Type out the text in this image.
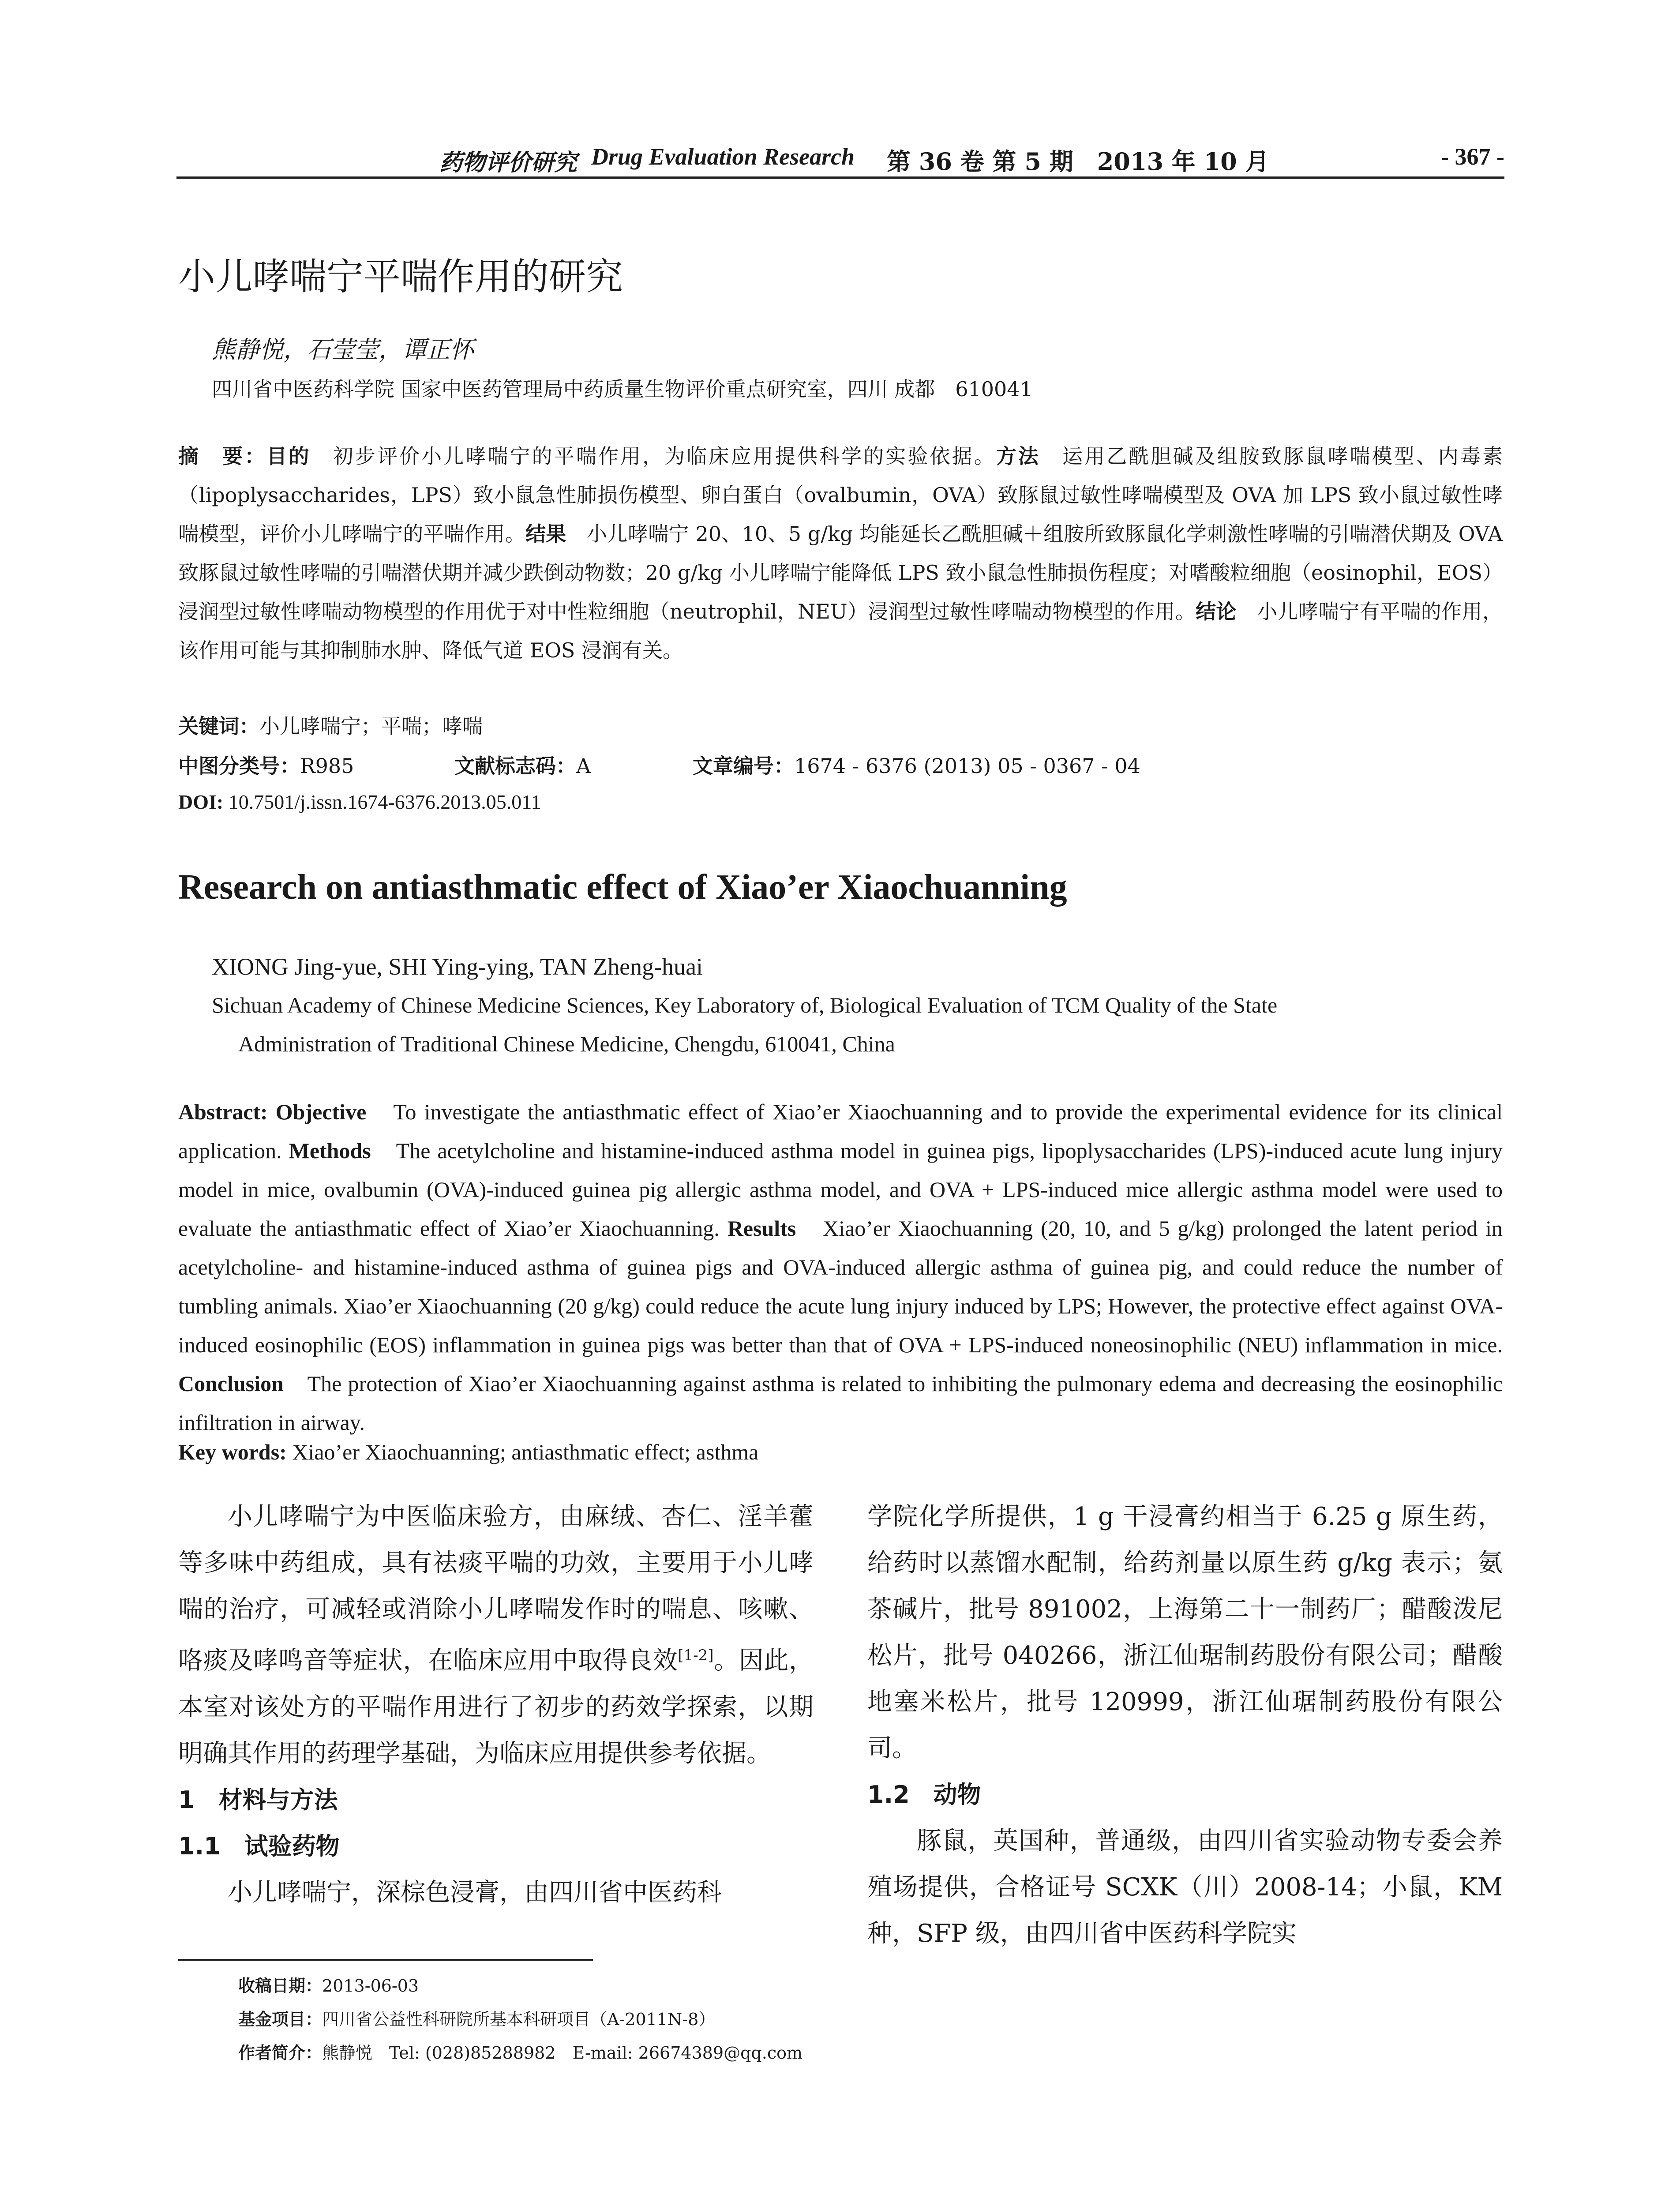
药物评价研究 Drug Evaluation Research 第 36 卷 第 5 期　2013 年 10 月	- 367 -
小儿哮喘宁平喘作用的研究
熊静悦，石莹莹，谭正怀
四川省中医药科学院 国家中医药管理局中药质量生物评价重点研究室，四川 成都　610041
摘　要：目的　初步评价小儿哮喘宁的平喘作用，为临床应用提供科学的实验依据。方法　运用乙酰胆碱及组胺致豚鼠哮喘模型、内毒素（lipoplysaccharides，LPS）致小鼠急性肺损伤模型、卵白蛋白（ovalbumin，OVA）致豚鼠过敏性哮喘模型及 OVA 加 LPS 致小鼠过敏性哮喘模型，评价小儿哮喘宁的平喘作用。结果　小儿哮喘宁 20、10、5 g/kg 均能延长乙酰胆碱＋组胺所致豚鼠化学刺激性哮喘的引喘潜伏期及 OVA 致豚鼠过敏性哮喘的引喘潜伏期并减少跌倒动物数；20 g/kg 小儿哮喘宁能降低 LPS 致小鼠急性肺损伤程度；对嗜酸粒细胞（eosinophil，EOS）浸润型过敏性哮喘动物模型的作用优于对中性粒细胞（neutrophil，NEU）浸润型过敏性哮喘动物模型的作用。结论　小儿哮喘宁有平喘的作用，该作用可能与其抑制肺水肿、降低气道 EOS 浸润有关。
关键词：小儿哮喘宁；平喘；哮喘
中图分类号：R985	文献标志码：A	文章编号：1674 - 6376 (2013) 05 - 0367 - 04
DOI: 10.7501/j.issn.1674-6376.2013.05.011
Research on antiasthmatic effect of Xiao’er Xiaochuanning
XIONG Jing-yue, SHI Ying-ying, TAN Zheng-huai
Sichuan Academy of Chinese Medicine Sciences, Key Laboratory of, Biological Evaluation of TCM Quality of the State
Administration of Traditional Chinese Medicine, Chengdu, 610041, China
Abstract: Objective　To investigate the antiasthmatic effect of Xiao’er Xiaochuanning and to provide the experimental evidence for its clinical application. Methods　The acetylcholine and histamine-induced asthma model in guinea pigs, lipoplysaccharides (LPS)-induced acute lung injury model in mice, ovalbumin (OVA)-induced guinea pig allergic asthma model, and OVA + LPS-induced mice allergic asthma model were used to evaluate the antiasthmatic effect of Xiao’er Xiaochuanning. Results　Xiao’er Xiaochuanning (20, 10, and 5 g/kg) prolonged the latent period in acetylcholine- and histamine-induced asthma of guinea pigs and OVA-induced allergic asthma of guinea pig, and could reduce the number of tumbling animals. Xiao’er Xiaochuanning (20 g/kg) could reduce the acute lung injury induced by LPS; However, the protective effect against OVA-induced eosinophilic (EOS) inflammation in guinea pigs was better than that of OVA + LPS-induced noneosinophilic (NEU) inflammation in mice. Conclusion　The protection of Xiao’er Xiaochuanning against asthma is related to inhibiting the pulmonary edema and decreasing the eosinophilic infiltration in airway.
Key words: Xiao’er Xiaochuanning; antiasthmatic effect; asthma
小儿哮喘宁为中医临床验方，由麻绒、杏仁、淫羊藿等多味中药组成，具有祛痰平喘的功效，主要用于小儿哮喘的治疗，可减轻或消除小儿哮喘发作时的喘息、咳嗽、咯痰及哮鸣音等症状，在临床应用中取得良效[1-2]。因此，本室对该处方的平喘作用进行了初步的药效学探索，以期明确其作用的药理学基础，为临床应用提供参考依据。
1　材料与方法
1.1　试验药物
小儿哮喘宁，深棕色浸膏，由四川省中医药科
学院化学所提供，1 g 干浸膏约相当于 6.25 g 原生药，给药时以蒸馏水配制，给药剂量以原生药 g/kg 表示；氨茶碱片，批号 891002，上海第二十一制药厂；醋酸泼尼松片，批号 040266，浙江仙琚制药股份有限公司；醋酸地塞米松片，批号 120999，浙江仙琚制药股份有限公司。
1.2　动物
豚鼠，英国种，普通级，由四川省实验动物专委会养殖场提供，合格证号 SCXK（川）2008-14；小鼠，KM 种，SFP 级，由四川省中医药科学院实
收稿日期：2013-06-03
基金项目：四川省公益性科研院所基本科研项目（A-2011N-8）
作者简介：熊静悦　Tel: (028)85288982　E-mail: 26674389@qq.com
